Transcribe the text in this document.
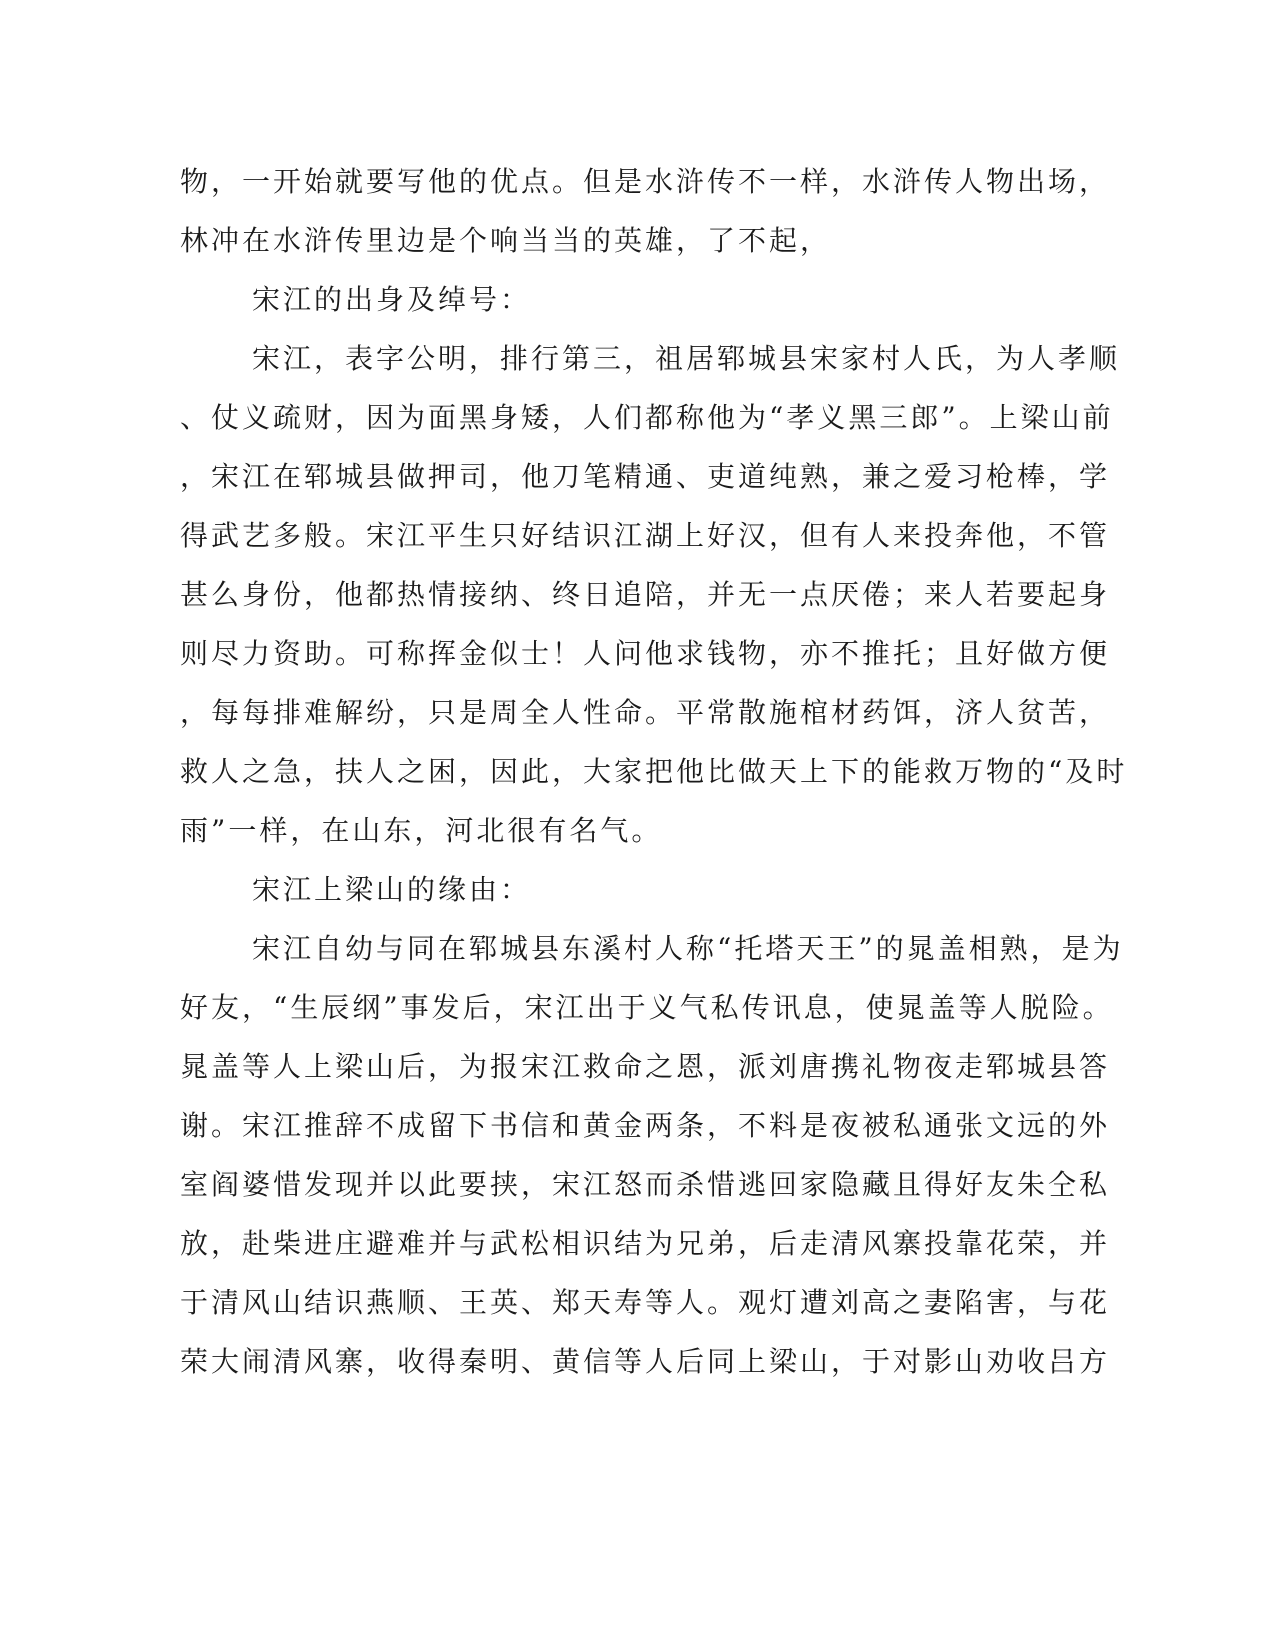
物，一开始就要写他的优点。但是水浒传不一样，水浒传人物出场，
林冲在水浒传里边是个响当当的英雄，了不起，
宋江的出身及绰号：
宋江，表字公明，排行第三，祖居郓城县宋家村人氏，为人孝顺
、仗义疏财，因为面黑身矮，人们都称他为“孝义黑三郎”。上梁山前
，宋江在郓城县做押司，他刀笔精通、吏道纯熟，兼之爱习枪棒，学
得武艺多般。宋江平生只好结识江湖上好汉，但有人来投奔他，不管
甚么身份，他都热情接纳、终日追陪，并无一点厌倦；来人若要起身
则尽力资助。可称挥金似士！人问他求钱物，亦不推托；且好做方便
，每每排难解纷，只是周全人性命。平常散施棺材药饵，济人贫苦，
救人之急，扶人之困，因此，大家把他比做天上下的能救万物的“及时
雨”一样，在山东，河北很有名气。
宋江上梁山的缘由：
宋江自幼与同在郓城县东溪村人称“托塔天王”的晁盖相熟，是为
好友，“生辰纲”事发后，宋江出于义气私传讯息，使晁盖等人脱险。
晁盖等人上梁山后，为报宋江救命之恩，派刘唐携礼物夜走郓城县答
谢。宋江推辞不成留下书信和黄金两条，不料是夜被私通张文远的外
室阎婆惜发现并以此要挟，宋江怒而杀惜逃回家隐藏且得好友朱仝私
放，赴柴进庄避难并与武松相识结为兄弟，后走清风寨投靠花荣，并
于清风山结识燕顺、王英、郑天寿等人。观灯遭刘高之妻陷害，与花
荣大闹清风寨，收得秦明、黄信等人后同上梁山，于对影山劝收吕方
